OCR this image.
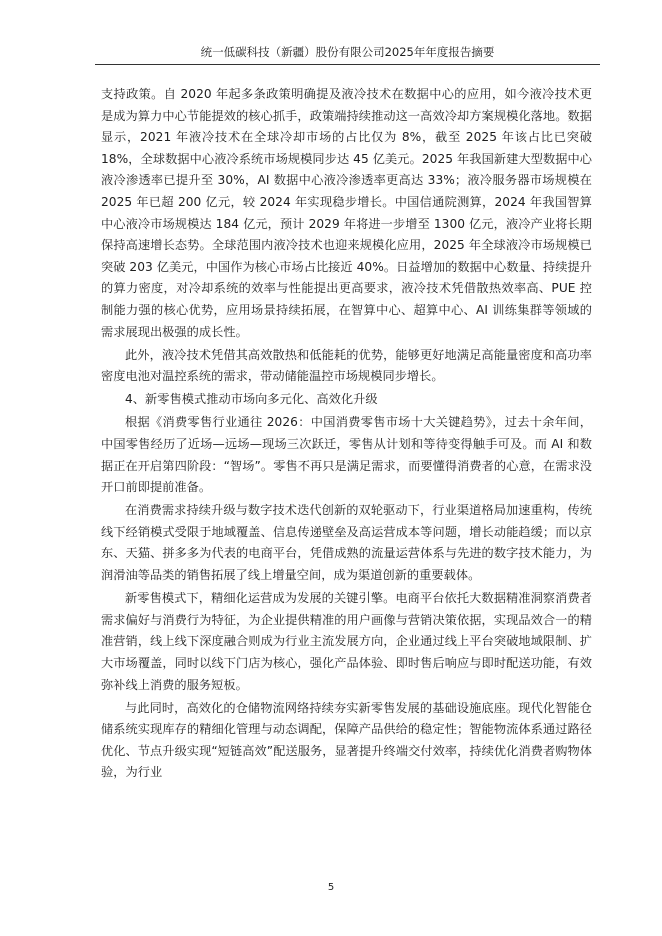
统一低碳科技（新疆）股份有限公司2025年年度报告摘要

支持政策。自 2020 年起多条政策明确提及液冷技术在数据中心的应用，如今液冷技术更是成为算力中心节能提效的核心抓手，政策端持续推动这一高效冷却方案规模化落地。数据显示，2021 年液冷技术在全球冷却市场的占比仅为 8%，截至 2025 年该占比已突破 18%，全球数据中心液冷系统市场规模同步达 45 亿美元。2025 年我国新建大型数据中心液冷渗透率已提升至 30%，AI 数据中心液冷渗透率更高达 33%；液冷服务器市场规模在 2025 年已超 200 亿元，较 2024 年实现稳步增长。中国信通院测算，2024 年我国智算中心液冷市场规模达 184 亿元，预计 2029 年将进一步增至 1300 亿元，液冷产业将长期保持高速增长态势。全球范围内液冷技术也迎来规模化应用，2025 年全球液冷市场规模已突破 203 亿美元，中国作为核心市场占比接近 40%。日益增加的数据中心数量、持续提升的算力密度，对冷却系统的效率与性能提出更高要求，液冷技术凭借散热效率高、PUE 控制能力强的核心优势，应用场景持续拓展，在智算中心、超算中心、AI 训练集群等领域的需求展现出极强的成长性。

此外，液冷技术凭借其高效散热和低能耗的优势，能够更好地满足高能量密度和高功率密度电池对温控系统的需求，带动储能温控市场规模同步增长。

4、新零售模式推动市场向多元化、高效化升级

根据《消费零售行业通往 2026：中国消费零售市场十大关键趋势》，过去十余年间，中国零售经历了近场—远场—现场三次跃迁，零售从计划和等待变得触手可及。而 AI 和数据正在开启第四阶段：“智场”。零售不再只是满足需求，而要懂得消费者的心意，在需求没开口前即提前准备。

在消费需求持续升级与数字技术迭代创新的双轮驱动下，行业渠道格局加速重构，传统线下经销模式受限于地域覆盖、信息传递壁垒及高运营成本等问题，增长动能趋缓；而以京东、天猫、拼多多为代表的电商平台，凭借成熟的流量运营体系与先进的数字技术能力，为润滑油等品类的销售拓展了线上增量空间，成为渠道创新的重要载体。

新零售模式下，精细化运营成为发展的关键引擎。电商平台依托大数据精准洞察消费者需求偏好与消费行为特征，为企业提供精准的用户画像与营销决策依据，实现品效合一的精准营销，线上线下深度融合则成为行业主流发展方向，企业通过线上平台突破地域限制、扩大市场覆盖，同时以线下门店为核心，强化产品体验、即时售后响应与即时配送功能，有效弥补线上消费的服务短板。

与此同时，高效化的仓储物流网络持续夯实新零售发展的基础设施底座。现代化智能仓储系统实现库存的精细化管理与动态调配，保障产品供给的稳定性；智能物流体系通过路径优化、节点升级实现“短链高效”配送服务，显著提升终端交付效率，持续优化消费者购物体验，为行业

5
